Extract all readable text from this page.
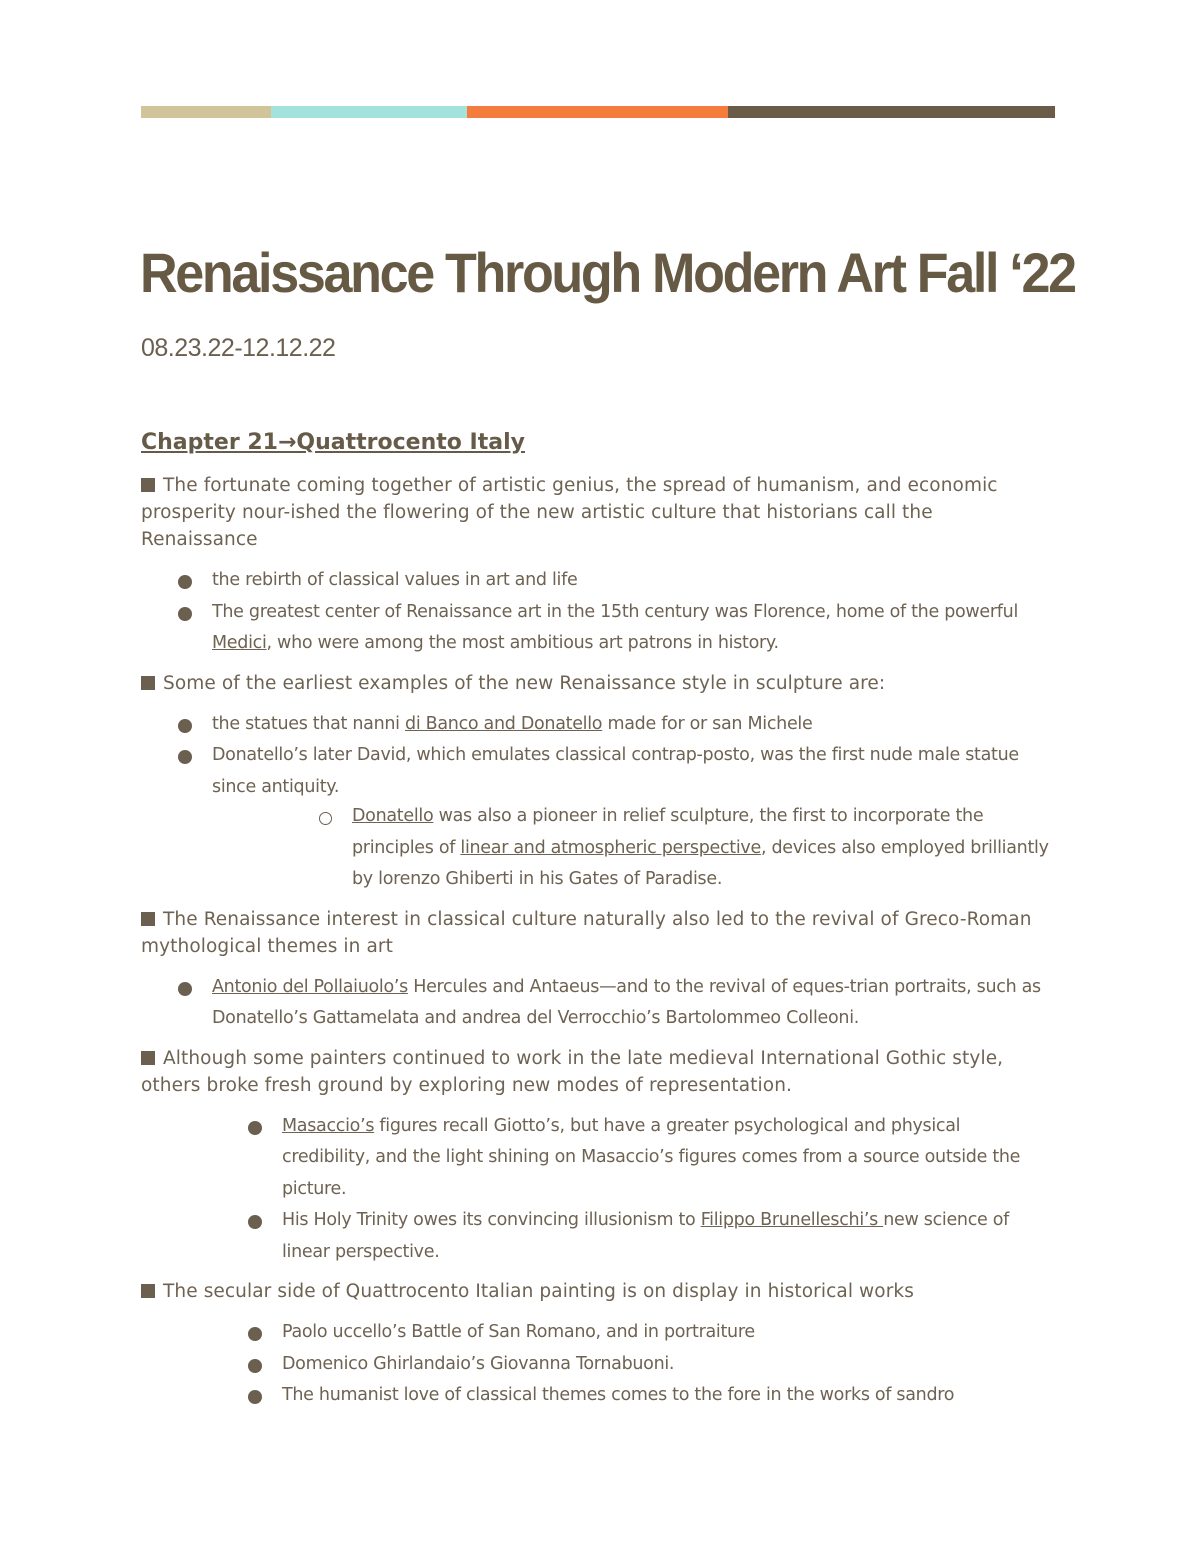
Renaissance Through Modern Art Fall ‘22
08.23.22-12.12.22
Chapter 21→Quattrocento Italy
The fortunate coming together of artistic genius, the spread of humanism, and economic prosperity nour-ished the flowering of the new artistic culture that historians call the Renaissance
the rebirth of classical values in art and life
The greatest center of Renaissance art in the 15th century was Florence, home of the powerful Medici, who were among the most ambitious art patrons in history.
Some of the earliest examples of the new Renaissance style in sculpture are:
the statues that nanni di Banco and Donatello made for or san Michele
Donatello’s later David, which emulates classical contrap-posto, was the first nude male statue since antiquity.
Donatello was also a pioneer in relief sculpture, the first to incorporate the principles of linear and atmospheric perspective, devices also employed brilliantly by lorenzo Ghiberti in his Gates of Paradise.
The Renaissance interest in classical culture naturally also led to the revival of Greco-Roman mythological themes in art
Antonio del Pollaiuolo’s Hercules and Antaeus—and to the revival of eques-trian portraits, such as Donatello’s Gattamelata and andrea del Verrocchio’s Bartolommeo Colleoni.
Although some painters continued to work in the late medieval International Gothic style, others broke fresh ground by exploring new modes of representation.
Masaccio’s figures recall Giotto’s, but have a greater psychological and physical credibility, and the light shining on Masaccio’s figures comes from a source outside the picture.
His Holy Trinity owes its convincing illusionism to Filippo Brunelleschi’s new science of linear perspective.
The secular side of Quattrocento Italian painting is on display in historical works
Paolo uccello’s Battle of San Romano, and in portraiture
Domenico Ghirlandaio’s Giovanna Tornabuoni.
The humanist love of classical themes comes to the fore in the works of sandro
